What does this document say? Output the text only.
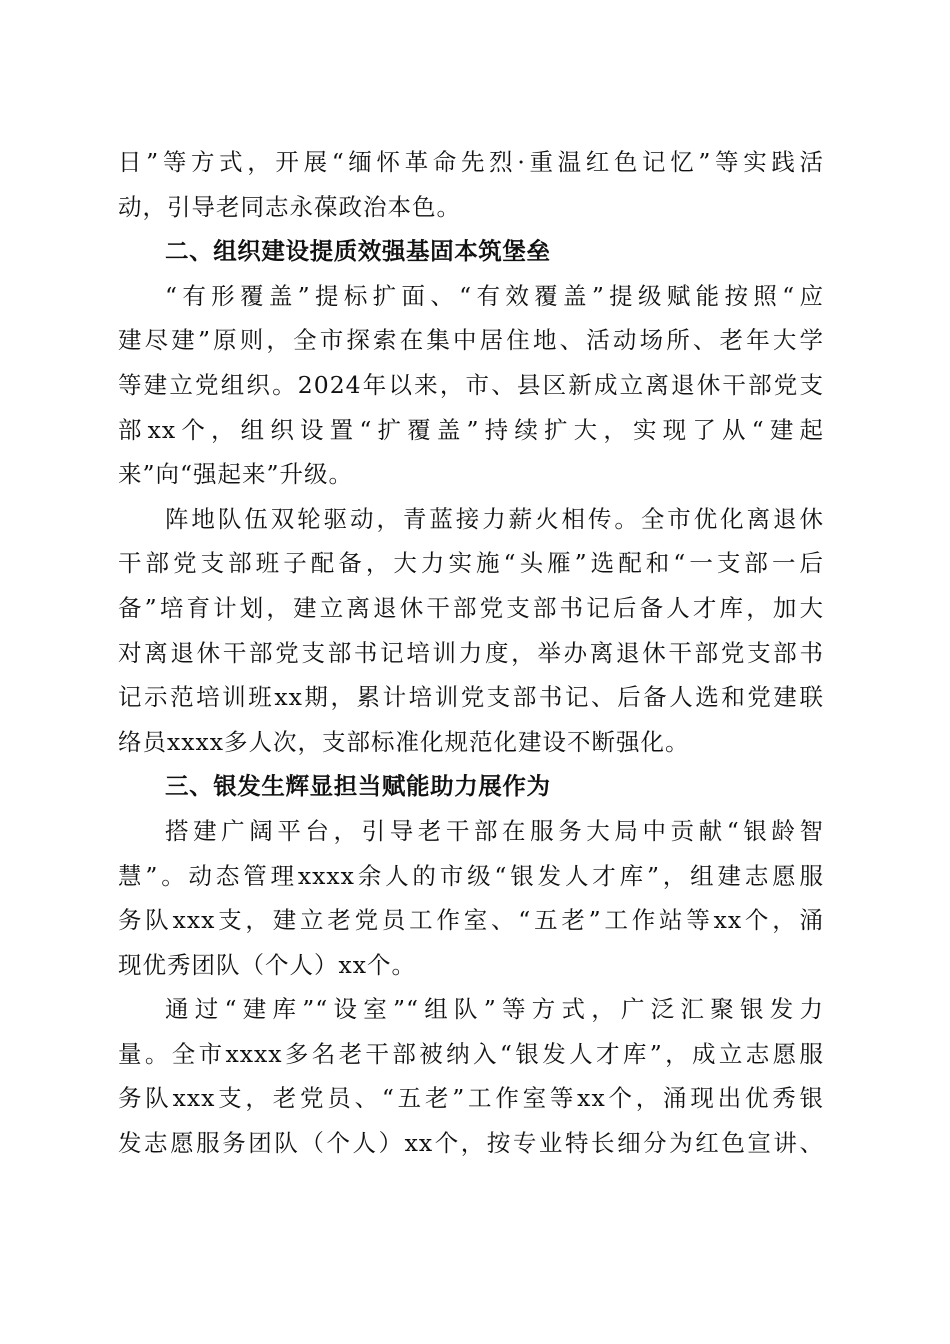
日”等方式，开展“缅怀革命先烈·重温红色记忆”等实践活
动，引导老同志永葆政治本色。
二、组织建设提质效强基固本筑堡垒
“有形覆盖”提标扩面、“有效覆盖”提级赋能按照“应
建尽建”原则，全市探索在集中居住地、活动场所、老年大学
等建立党组织。2024年以来，市、县区新成立离退休干部党支
部xx个，组织设置“扩覆盖”持续扩大，实现了从“建起
来”向“强起来”升级。
阵地队伍双轮驱动，青蓝接力薪火相传。全市优化离退休
干部党支部班子配备，大力实施“头雁”选配和“一支部一后
备”培育计划，建立离退休干部党支部书记后备人才库，加大
对离退休干部党支部书记培训力度，举办离退休干部党支部书
记示范培训班xx期，累计培训党支部书记、后备人选和党建联
络员xxxx多人次，支部标准化规范化建设不断强化。
三、银发生辉显担当赋能助力展作为
搭建广阔平台，引导老干部在服务大局中贡献“银龄智
慧”。动态管理xxxx余人的市级“银发人才库”，组建志愿服
务队xxx支，建立老党员工作室、“五老”工作站等xx个，涌
现优秀团队（个人）xx个。
通过“建库”“设室”“组队”等方式，广泛汇聚银发力
量。全市xxxx多名老干部被纳入“银发人才库”，成立志愿服
务队xxx支，老党员、“五老”工作室等xx个，涌现出优秀银
发志愿服务团队（个人）xx个，按专业特长细分为红色宣讲、
